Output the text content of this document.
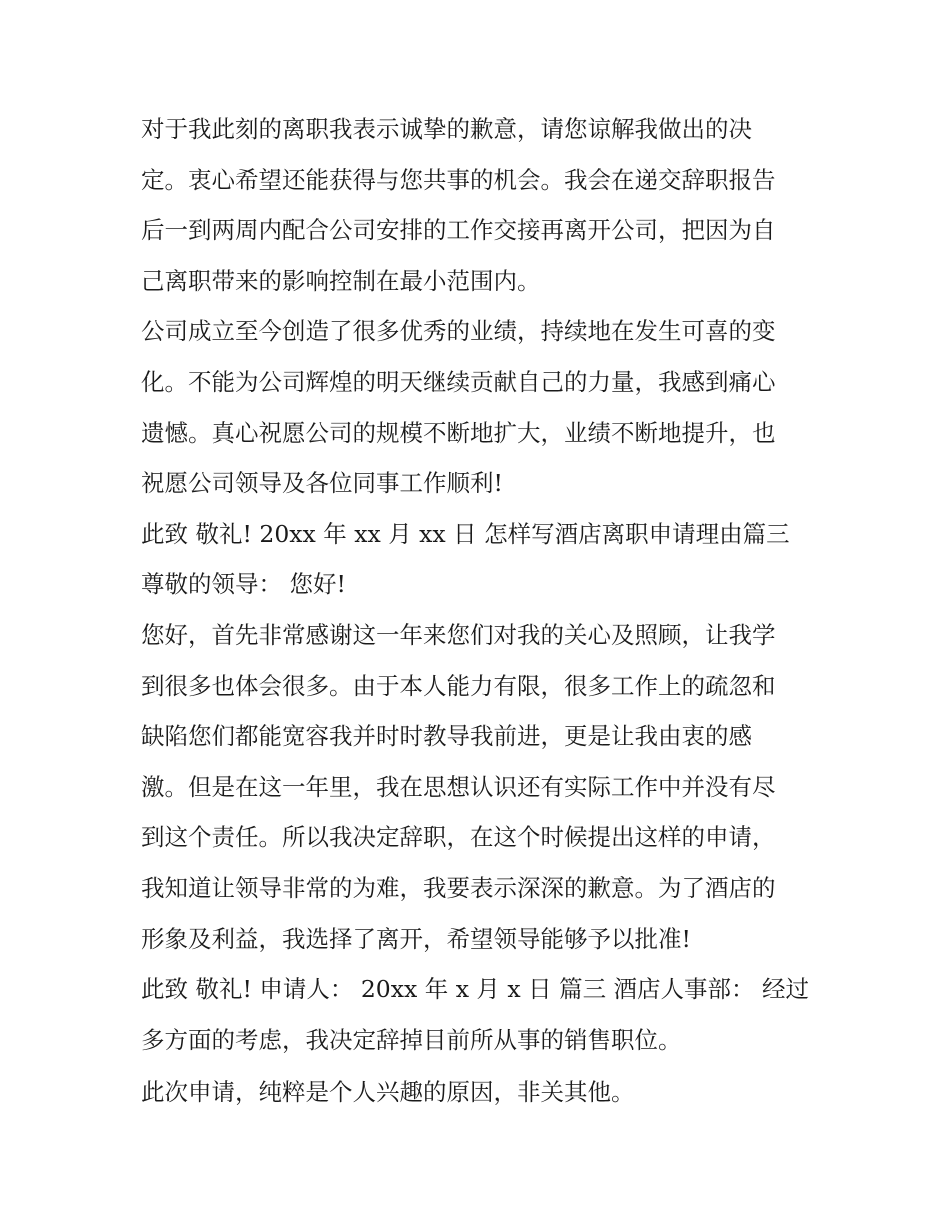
对于我此刻的离职我表示诚挚的歉意，请您谅解我做出的决
定。衷心希望还能获得与您共事的机会。我会在递交辞职报告
后一到两周内配合公司安排的工作交接再离开公司，把因为自
己离职带来的影响控制在最小范围内。
公司成立至今创造了很多优秀的业绩，持续地在发生可喜的变
化。不能为公司辉煌的明天继续贡献自己的力量，我感到痛心
遗憾。真心祝愿公司的规模不断地扩大，业绩不断地提升，也
祝愿公司领导及各位同事工作顺利!
此致 敬礼! 20xx 年 xx 月 xx 日 怎样写酒店离职申请理由篇三
尊敬的领导： 您好!
您好，首先非常感谢这一年来您们对我的关心及照顾，让我学
到很多也体会很多。由于本人能力有限，很多工作上的疏忽和
缺陷您们都能宽容我并时时教导我前进，更是让我由衷的感
激。但是在这一年里，我在思想认识还有实际工作中并没有尽
到这个责任。所以我决定辞职，在这个时候提出这样的申请，
我知道让领导非常的为难，我要表示深深的歉意。为了酒店的
形象及利益，我选择了离开，希望领导能够予以批准!
此致 敬礼! 申请人： 20xx 年 x 月 x 日 篇三 酒店人事部： 经过
多方面的考虑，我决定辞掉目前所从事的销售职位。
此次申请，纯粹是个人兴趣的原因，非关其他。
